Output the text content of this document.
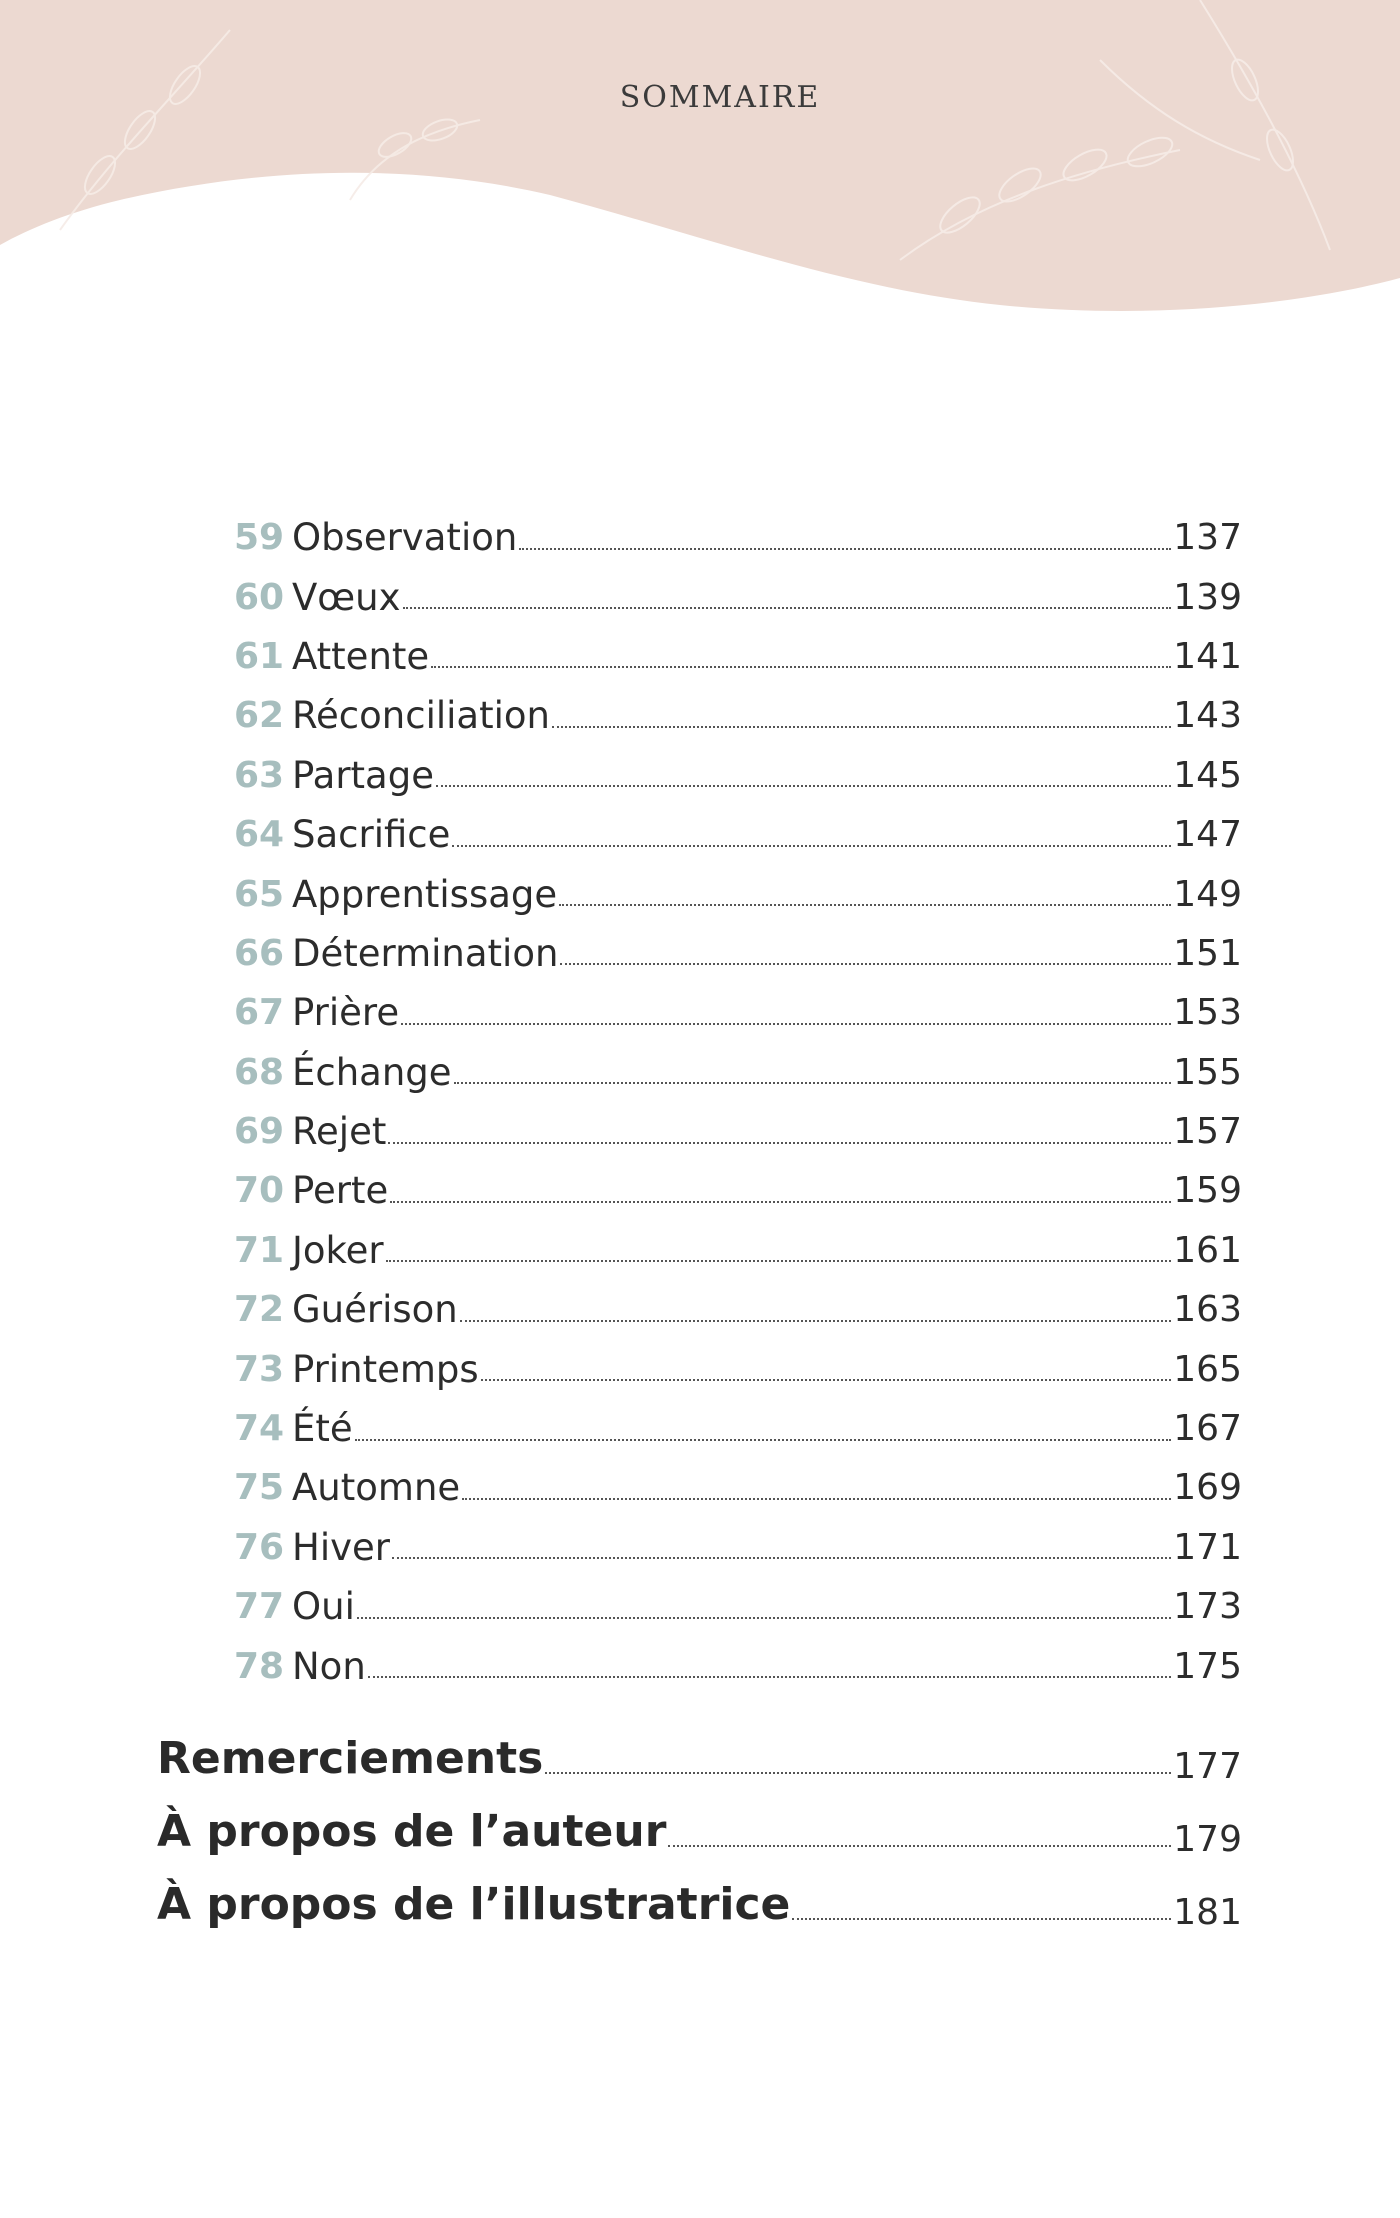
SOMMAIRE
59 Observation	137
60 Vœux	139
61 Attente	141
62 Réconciliation	143
63 Partage	145
64 Sacrifice	147
65 Apprentissage	149
66 Détermination	151
67 Prière	153
68 Échange	155
69 Rejet	157
70 Perte	159
71 Joker	161
72 Guérison	163
73 Printemps	165
74 Été	167
75 Automne	169
76 Hiver	171
77 Oui	173
78 Non	175
Remerciements	177
À propos de l’auteur	179
À propos de l’illustratrice	181
